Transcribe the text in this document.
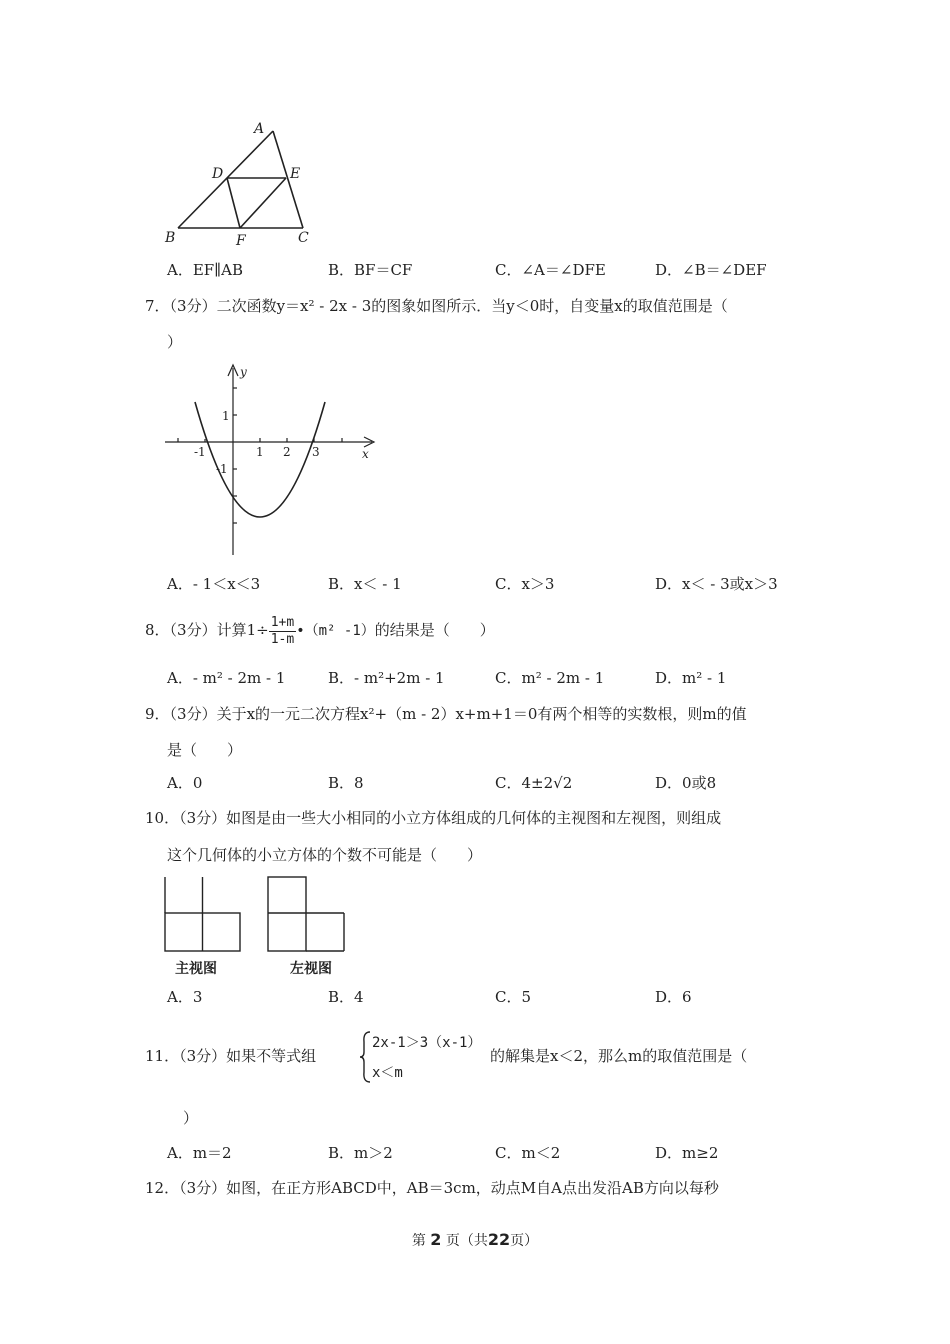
A
D	E
B	F	C
A．EF∥AB	B．BF＝CF	C．∠A＝∠DFE	D．∠B＝∠DEF
7．（3分）二次函数y＝x² - 2x - 3的图象如图所示．当y＜0时，自变量x的取值范围是（
）
y
x
-1	1 2 3
1
-1
A．- 1＜x＜3	B．x＜ - 1	C．x＞3	D．x＜ - 3或x＞3
8．（3分）计算$1\div \frac{1+m}{1-m}$ •（m² -1）的结果是（　　）
A．- m² - 2m - 1	B．- m²+2m - 1	C．m² - 2m - 1	D．m² - 1
9．（3分）关于x的一元二次方程x²+（m - 2）x+m+1＝0有两个相等的实数根，则m的值
是（　　）
A．0	B．8	C．4±2√2	D．0或8
10．（3分）如图是由一些大小相同的小立方体组成的几何体的主视图和左视图，则组成
这个几何体的小立方体的个数不可能是（　　）
主视图	左视图
A．3	B．4	C．5	D．6
11．（3分）如果不等式组
2x-1＞3（x-1）
x＜m
的解集是x＜2，那么m的取值范围是（
）
A．m＝2	B．m＞2	C．m＜2	D．m≥2
12．（3分）如图，在正方形ABCD中，AB＝3cm，动点M自A点出发沿AB方向以每秒
第 2 页（共22页）
